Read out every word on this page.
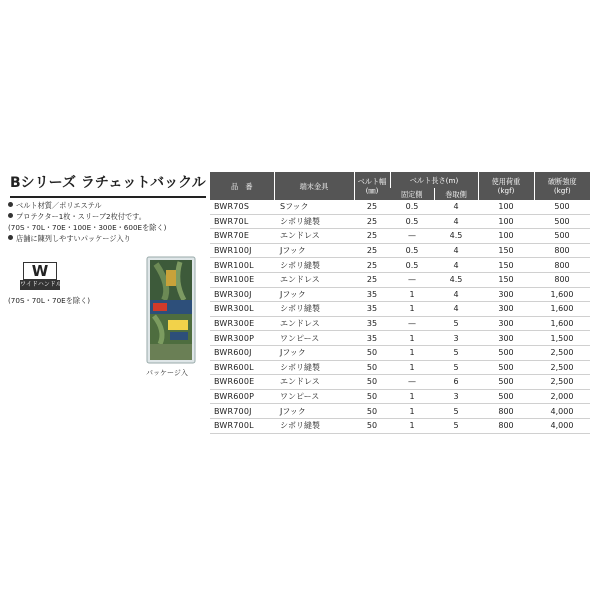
Bシリーズ ラチェットバックル
ベルト材質／ポリエステル
プロテクター1枚・スリーブ2枚付です。
(70S・70L・70E・100E・300E・600Eを除く)
店舗に陳列しやすいパッケージ入り
W
ワイドハンドル
(70S・70L・70Eを除く)
パッケージ入
品　番	端末金具	ベルト幅
(㎜)	ベルト長さ(m)		使用荷重
(kgf)	破断強度
(kgf)
			固定側	巻取側		
BWR70S	Sフック	25	0.5	4	100	500
BWR70L	シボリ縫製	25	0.5	4	100	500
BWR70E	エンドレス	25	—	4.5	100	500
BWR100J	Jフック	25	0.5	4	150	800
BWR100L	シボリ縫製	25	0.5	4	150	800
BWR100E	エンドレス	25	—	4.5	150	800
BWR300J	Jフック	35	1	4	300	1,600
BWR300L	シボリ縫製	35	1	4	300	1,600
BWR300E	エンドレス	35	—	5	300	1,600
BWR300P	ワンピース	35	1	3	300	1,500
BWR600J	Jフック	50	1	5	500	2,500
BWR600L	シボリ縫製	50	1	5	500	2,500
BWR600E	エンドレス	50	—	6	500	2,500
BWR600P	ワンピース	50	1	3	500	2,000
BWR700J	Jフック	50	1	5	800	4,000
BWR700L	シボリ縫製	50	1	5	800	4,000
